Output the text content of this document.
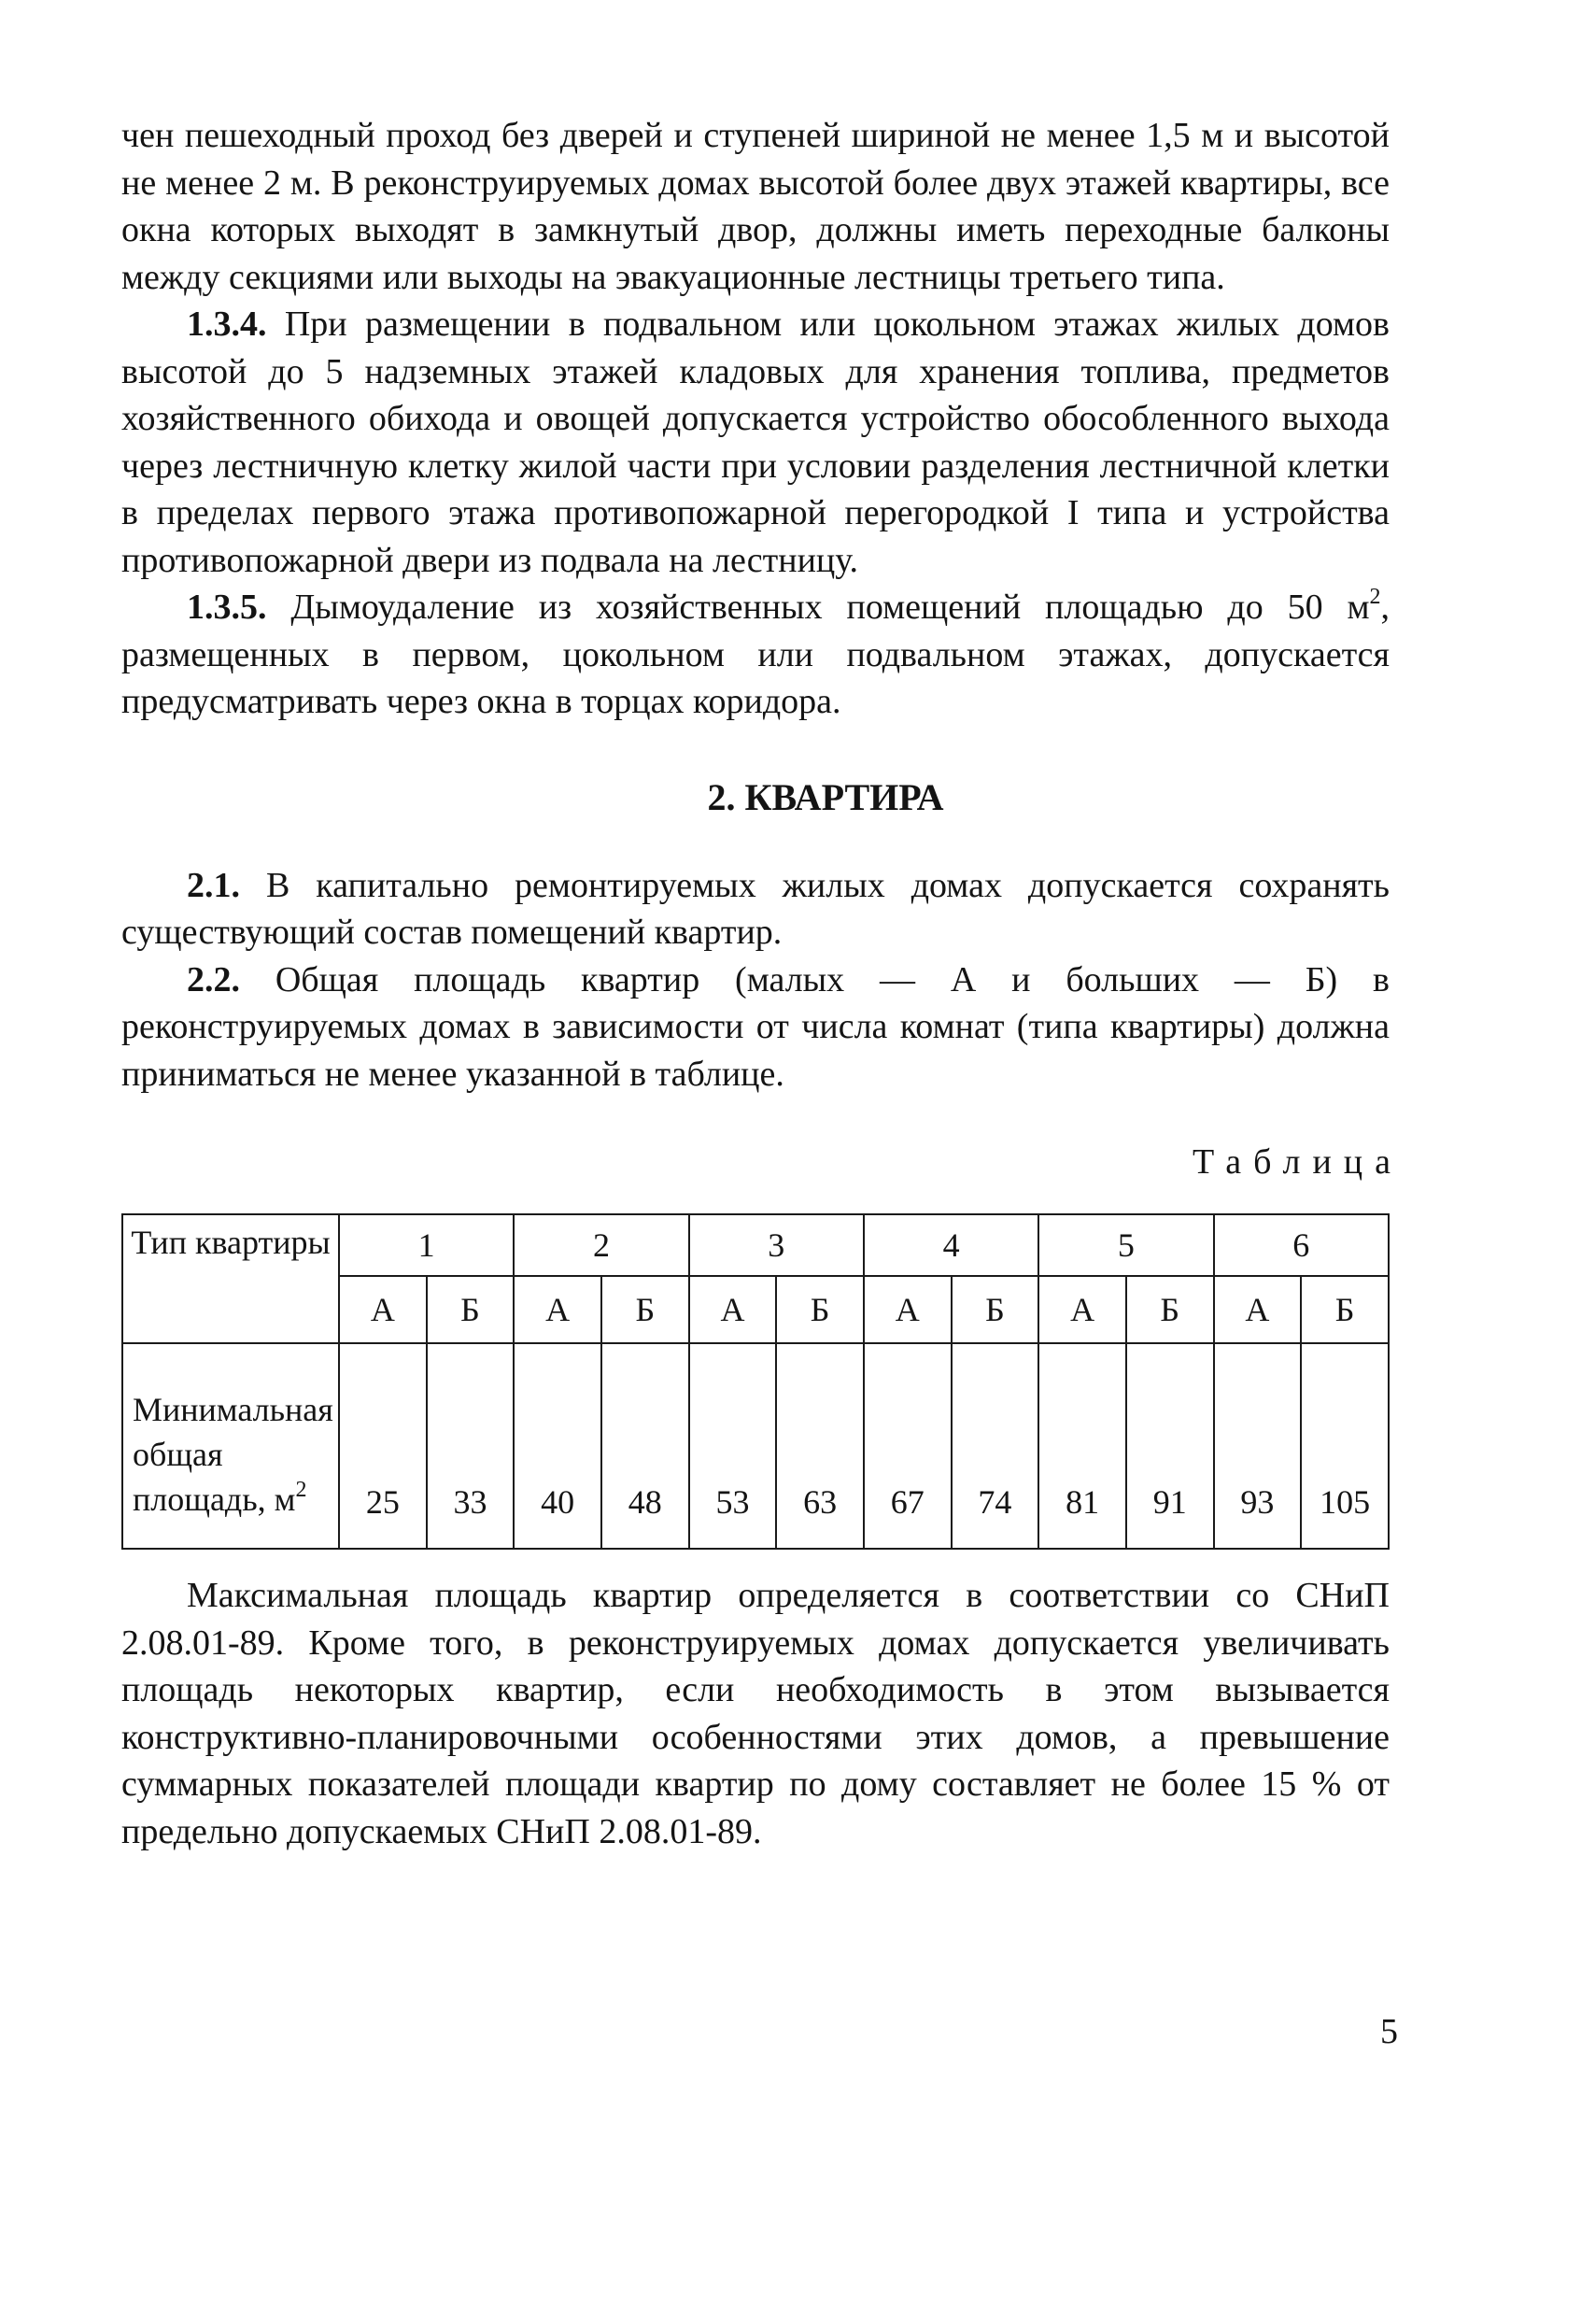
чен пешеходный проход без дверей и ступеней шириной не менее 1,5 м и высотой не менее 2 м. В реконструируемых домах высотой более двух этажей квартиры, все окна которых выходят в замкнутый двор, должны иметь переходные балконы между секциями или выходы на эвакуационные лестницы третьего типа.

1.3.4. При размещении в подвальном или цокольном этажах жилых домов высотой до 5 надземных этажей кладовых для хранения топлива, предметов хозяйственного обихода и овощей допускается устройство обособленного выхода через лестничную клетку жилой части при условии разделения лестничной клетки в пределах первого этажа противопожарной перегородкой I типа и устройства противопожарной двери из подвала на лестницу.

1.3.5. Дымоудаление из хозяйственных помещений площадью до 50 $м^2$, размещенных в первом, цокольном или подвальном этажах, допускается предусматривать через окна в торцах коридора.

2. КВАРТИРА

2.1. В капитально ремонтируемых жилых домах допускается сохранять существующий состав помещений квартир.

2.2. Общая площадь квартир (малых — А и больших — Б) в реконструируемых домах в зависимости от числа комнат (типа квартиры) должна приниматься не менее указанной в таблице.

Таблица
Тип квартиры	1		2		3		4		5		6	
	А	Б	А	Б	А	Б	А	Б	А	Б	А	Б
Минимальная общая площадь, $м^2$	25	33	40	48	53	63	67	74	81	91	93	105

Максимальная площадь квартир определяется в соответствии со СНиП 2.08.01-89. Кроме того, в реконструируемых домах допускается увеличивать площадь некоторых квартир, если необходимость в этом вызывается конструктивно-планировочными особенностями этих домов, а превышение суммарных показателей площади квартир по дому составляет не более 15 % от предельно допускаемых СНиП 2.08.01-89.

5
